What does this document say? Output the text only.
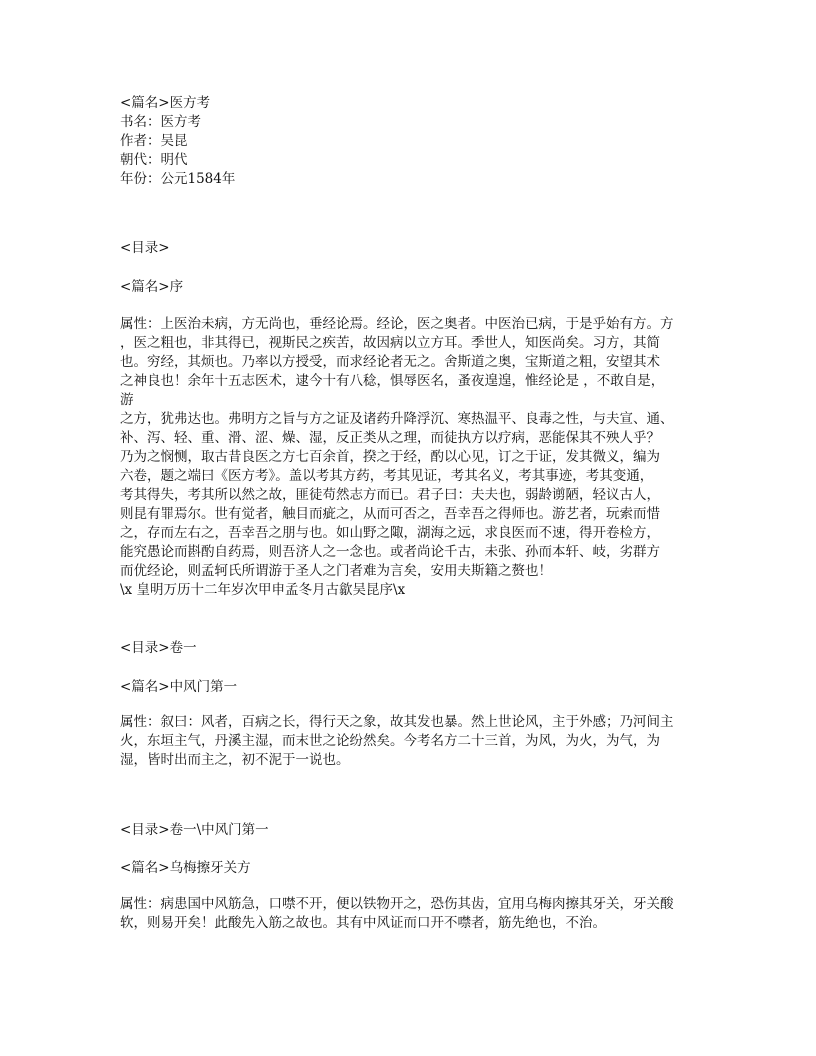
<篇名>医方考
书名：医方考
作者：吴昆
朝代：明代
年份：公元1584年
<目录>
<篇名>序
属性：上医治未病，方无尚也，垂经论焉。经论，医之奥者。中医治已病，于是乎始有方。方
，医之粗也，非其得已，视斯民之疾苦，故因病以立方耳。季世人，知医尚矣。习方，其简
也。穷经，其烦也。乃率以方授受，而求经论者无之。舍斯道之奥，宝斯道之粗，安望其术
之神良也！余年十五志医术，逮今十有八稔，惧辱医名，蚤夜遑遑，惟经论是 ，不敢自是，
游
之方，犹弗达也。弗明方之旨与方之证及诸药升降浮沉、寒热温平、良毒之性，与夫宣、通、
补、泻、轻、重、滑、涩、燥、湿，反正类从之理，而徒执方以疗病，恶能保其不殃人乎？
乃为之悯恻，取古昔良医之方七百余首，揆之于经，酌以心见，订之于证，发其微义，编为
六卷，题之端曰《医方考》。盖以考其方药，考其见证，考其名义，考其事迹，考其变通，
考其得失，考其所以然之故，匪徒苟然志方而已。君子曰：夫夫也，弱龄谫陋，轻议古人，
则昆有罪焉尔。世有觉者，触目而疵之，从而可否之，吾幸吾之得师也。游艺者，玩索而惜
之，存而左右之，吾幸吾之朋与也。如山野之陬，湖海之远，求良医而不速，得开卷检方，
能究愚论而斟酌自药焉，则吾济人之一念也。或者尚论千古，未张、孙而本轩、岐，劣群方
而优经论，则孟轲氏所谓游于圣人之门者难为言矣，安用夫斯籍之赘也！
\x 皇明万历十二年岁次甲申孟冬月古歙吴昆序\x
<目录>卷一
<篇名>中风门第一
属性：叙曰：风者，百病之长，得行天之象，故其发也暴。然上世论风，主于外感；乃河间主
火，东垣主气，丹溪主湿，而末世之论纷然矣。今考名方二十三首，为风，为火，为气，为
湿，皆时出而主之，初不泥于一说也。
<目录>卷一\中风门第一
<篇名>乌梅擦牙关方
属性：病患国中风筋急，口噤不开，便以铁物开之，恐伤其齿，宜用乌梅肉擦其牙关，牙关酸
软，则易开矣！此酸先入筋之故也。其有中风证而口开不噤者，筋先绝也，不治。
